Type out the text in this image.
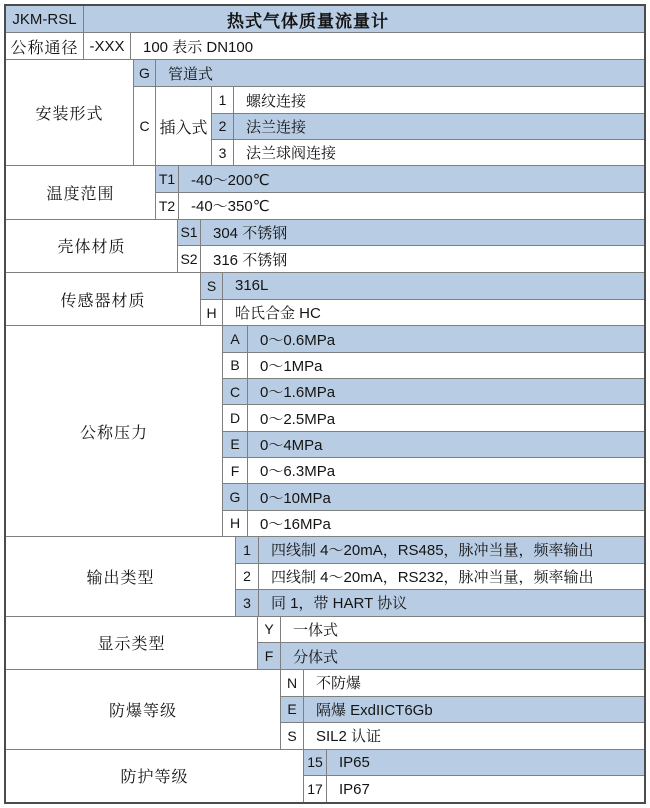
JKM-RSL	热式气体质量流量计
公称通径 -XXX	100 表示 DN100
安装形式
G	管道式
C 插入式
1	螺纹连接
2	法兰连接
3	法兰球阀连接
温度范围
T1	-40～200℃
T2	-40～350℃
壳体材质
S1	304 不锈钢
S2	316 不锈钢
传感器材质
S	316L
H	哈氏合金 HC
公称压力
A	0～0.6MPa
B	0～1MPa
C	0～1.6MPa
D	0～2.5MPa
E	0～4MPa
F	0～6.3MPa
G	0～10MPa
H	0～16MPa
输出类型
1	四线制 4～20mA，RS485，脉冲当量，频率输出
2	四线制 4～20mA，RS232，脉冲当量，频率输出
3	同 1，带 HART 协议
显示类型
Y	一体式
F	分体式
防爆等级
N	不防爆
E	隔爆 ExdIICT6Gb
S	SIL2 认证
防护等级
15	IP65
17	IP67
